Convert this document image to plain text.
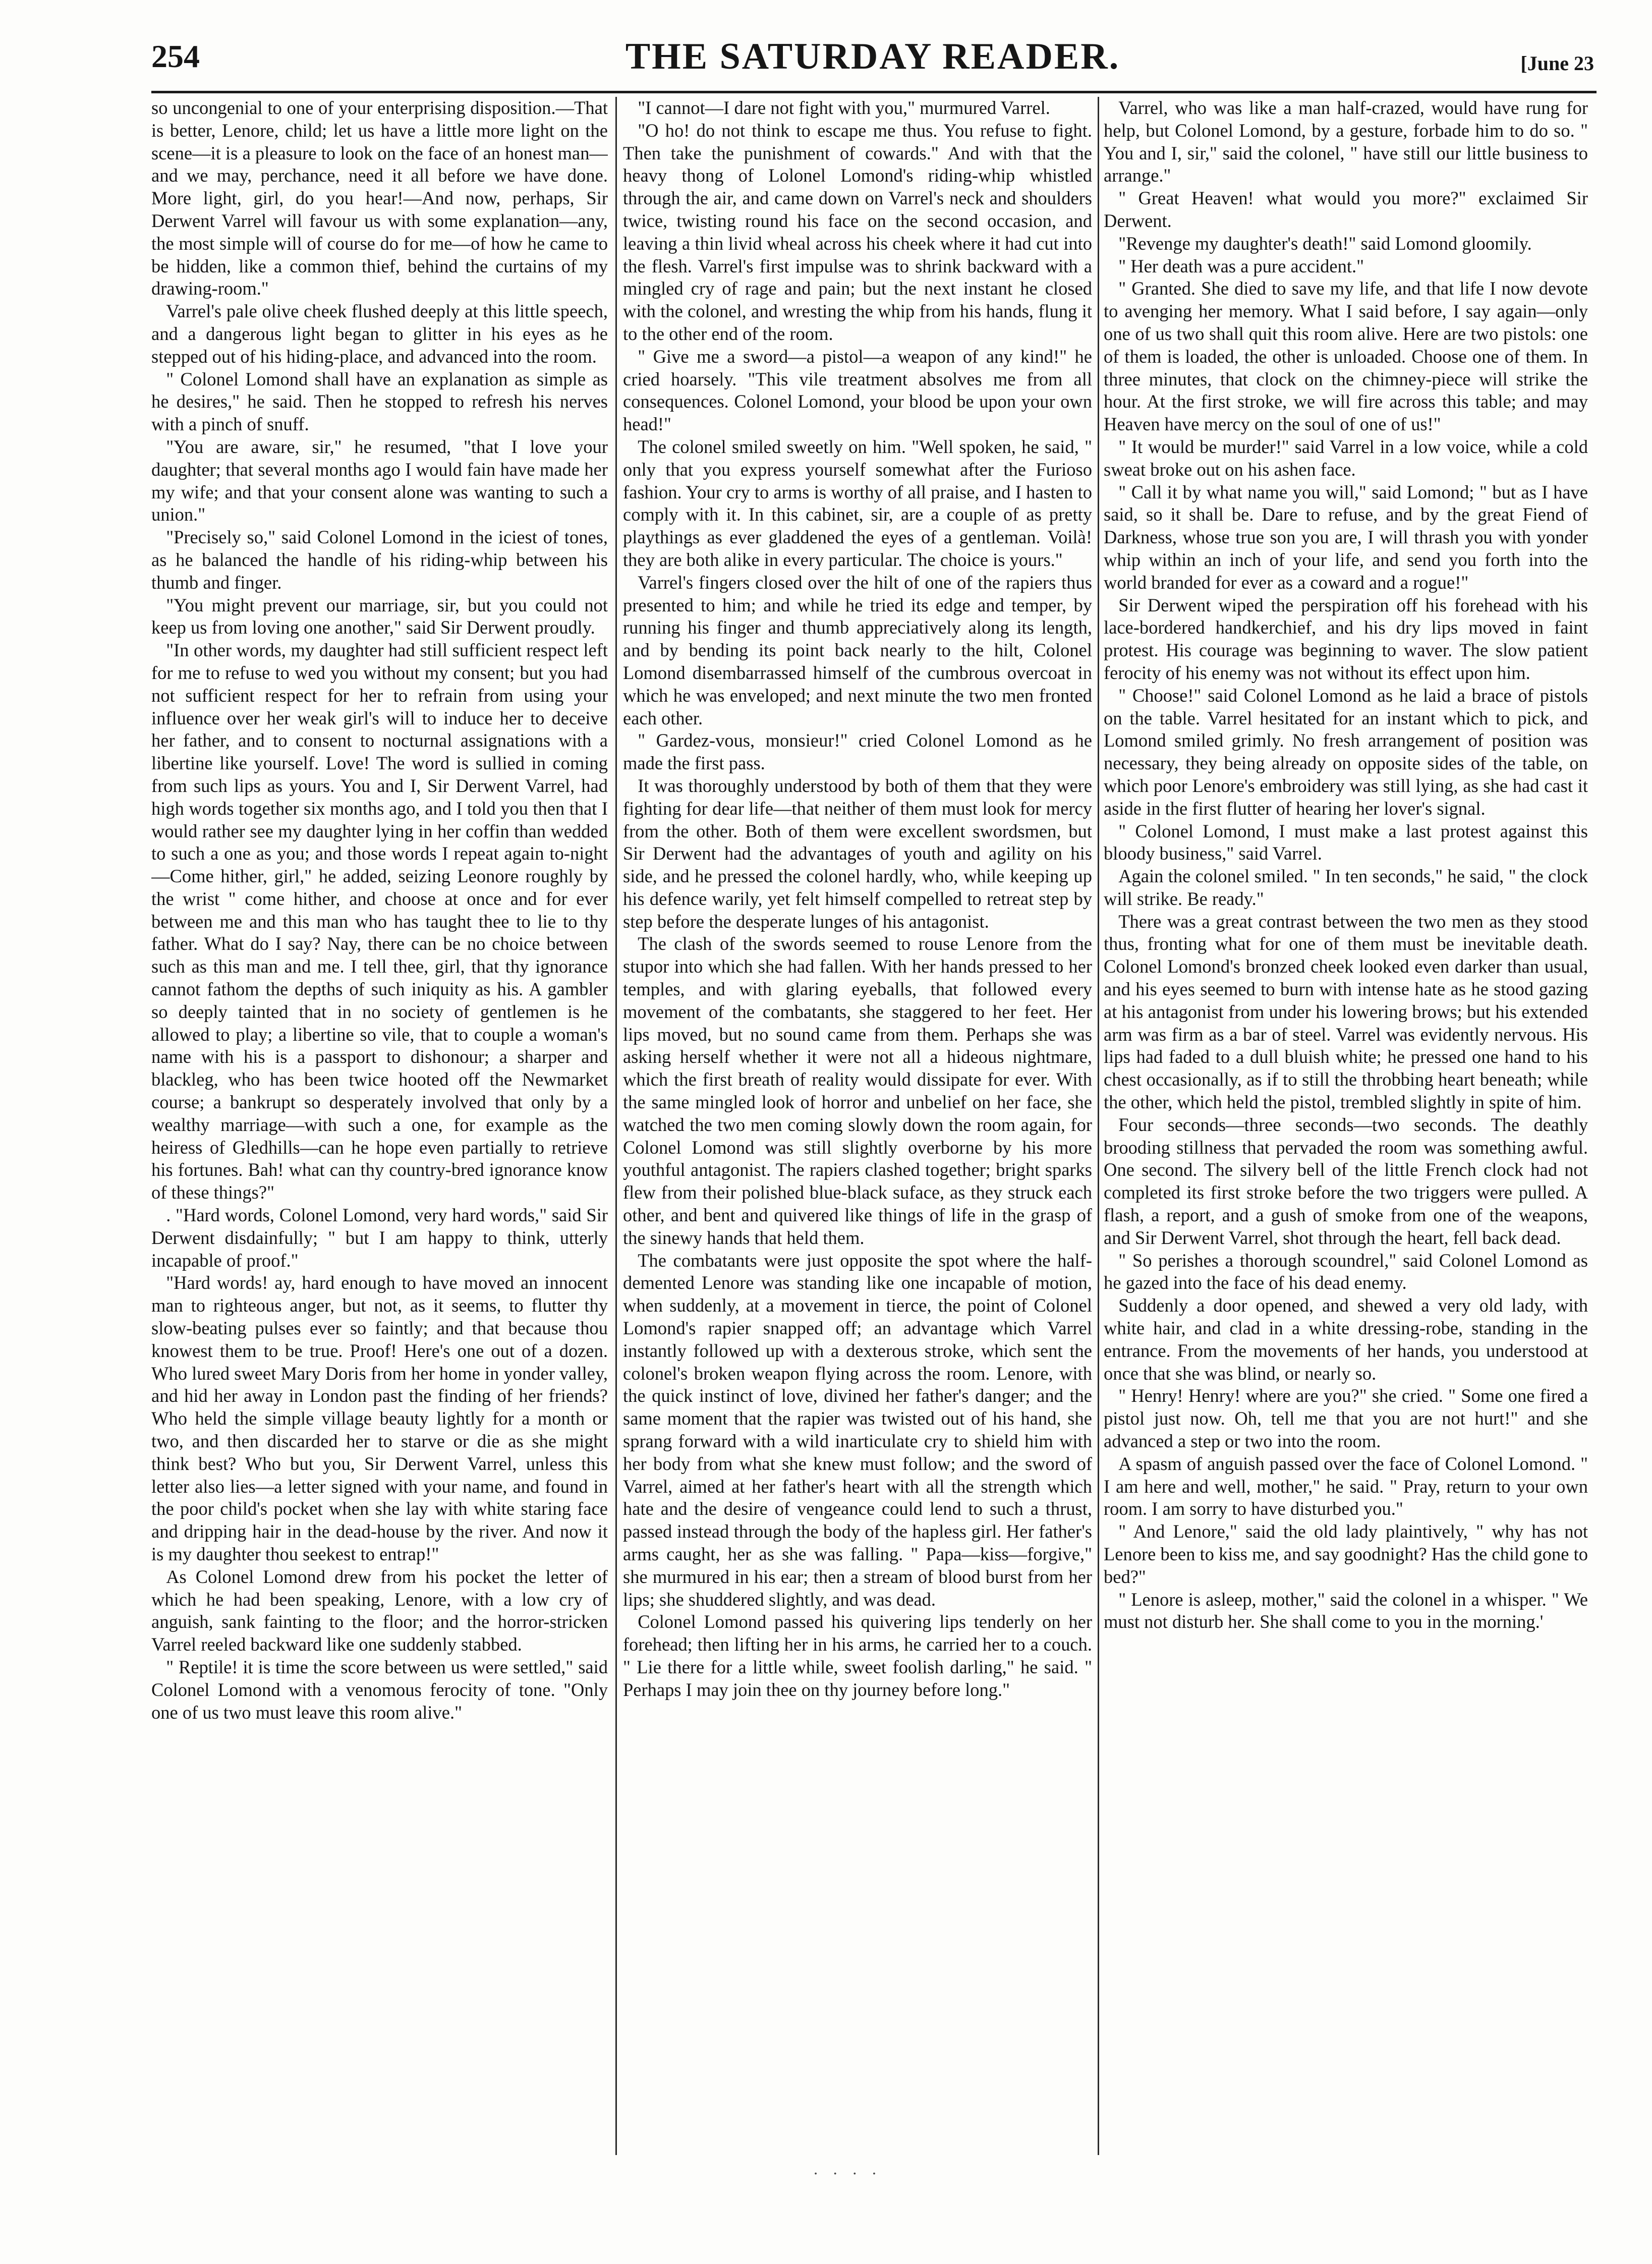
254	THE SATURDAY READER.	[June 23

so uncongenial to one of your enterprising disposition.—That is better, Lenore, child; let us have a little more light on the scene—it is a pleasure to look on the face of an honest man—and we may, perchance, need it all before we have done. More light, girl, do you hear!—And now, perhaps, Sir Derwent Varrel will favour us with some explanation—any, the most simple will of course do for me—of how he came to be hidden, like a common thief, behind the curtains of my drawing-room."

Varrel's pale olive cheek flushed deeply at this little speech, and a dangerous light began to glitter in his eyes as he stepped out of his hiding-place, and advanced into the room.

" Colonel Lomond shall have an explanation as simple as he desires," he said. Then he stopped to refresh his nerves with a pinch of snuff.

"You are aware, sir," he resumed, "that I love your daughter; that several months ago I would fain have made her my wife; and that your consent alone was wanting to such a union."

"Precisely so," said Colonel Lomond in the iciest of tones, as he balanced the handle of his riding-whip between his thumb and finger.

"You might prevent our marriage, sir, but you could not keep us from loving one another," said Sir Derwent proudly.

"In other words, my daughter had still sufficient respect left for me to refuse to wed you without my consent; but you had not sufficient respect for her to refrain from using your influence over her weak girl's will to induce her to deceive her father, and to consent to nocturnal assignations with a libertine like yourself. Love! The word is sullied in coming from such lips as yours. You and I, Sir Derwent Varrel, had high words together six months ago, and I told you then that I would rather see my daughter lying in her coffin than wedded to such a one as you; and those words I repeat again to-night—Come hither, girl," he added, seizing Leonore roughly by the wrist " come hither, and choose at once and for ever between me and this man who has taught thee to lie to thy father. What do I say? Nay, there can be no choice between such as this man and me. I tell thee, girl, that thy ignorance cannot fathom the depths of such iniquity as his. A gambler so deeply tainted that in no society of gentlemen is he allowed to play; a libertine so vile, that to couple a woman's name with his is a passport to dishonour; a sharper and blackleg, who has been twice hooted off the Newmarket course; a bankrupt so desperately involved that only by a wealthy marriage—with such a one, for example as the heiress of Gledhills—can he hope even partially to retrieve his fortunes. Bah! what can thy country-bred ignorance know of these things?"

. "Hard words, Colonel Lomond, very hard words," said Sir Derwent disdainfully; " but I am happy to think, utterly incapable of proof."

"Hard words! ay, hard enough to have moved an innocent man to righteous anger, but not, as it seems, to flutter thy slow-beating pulses ever so faintly; and that because thou knowest them to be true. Proof! Here's one out of a dozen. Who lured sweet Mary Doris from her home in yonder valley, and hid her away in London past the finding of her friends? Who held the simple village beauty lightly for a month or two, and then discarded her to starve or die as she might think best? Who but you, Sir Derwent Varrel, unless this letter also lies—a letter signed with your name, and found in the poor child's pocket when she lay with white staring face and dripping hair in the dead-house by the river. And now it is my daughter thou seekest to entrap!"

As Colonel Lomond drew from his pocket the letter of which he had been speaking, Lenore, with a low cry of anguish, sank fainting to the floor; and the horror-stricken Varrel reeled backward like one suddenly stabbed.

" Reptile! it is time the score between us were settled," said Colonel Lomond with a venomous ferocity of tone. "Only one of us two must leave this room alive."

"I cannot—I dare not fight with you," murmured Varrel.

"O ho! do not think to escape me thus. You refuse to fight. Then take the punishment of cowards." And with that the heavy thong of Lolonel Lomond's riding-whip whistled through the air, and came down on Varrel's neck and shoulders twice, twisting round his face on the second occasion, and leaving a thin livid wheal across his cheek where it had cut into the flesh. Varrel's first impulse was to shrink backward with a mingled cry of rage and pain; but the next instant he closed with the colonel, and wresting the whip from his hands, flung it to the other end of the room.

" Give me a sword—a pistol—a weapon of any kind!" he cried hoarsely. "This vile treatment absolves me from all consequences. Colonel Lomond, your blood be upon your own head!"

The colonel smiled sweetly on him. "Well spoken, he said, " only that you express yourself somewhat after the Furioso fashion. Your cry to arms is worthy of all praise, and I hasten to comply with it. In this cabinet, sir, are a couple of as pretty playthings as ever gladdened the eyes of a gentleman. Voilà! they are both alike in every particular. The choice is yours."

Varrel's fingers closed over the hilt of one of the rapiers thus presented to him; and while he tried its edge and temper, by running his finger and thumb appreciatively along its length, and by bending its point back nearly to the hilt, Colonel Lomond disembarrassed himself of the cumbrous overcoat in which he was enveloped; and next minute the two men fronted each other.

" Gardez-vous, monsieur!" cried Colonel Lomond as he made the first pass.

It was thoroughly understood by both of them that they were fighting for dear life—that neither of them must look for mercy from the other. Both of them were excellent swordsmen, but Sir Derwent had the advantages of youth and agility on his side, and he pressed the colonel hardly, who, while keeping up his defence warily, yet felt himself compelled to retreat step by step before the desperate lunges of his antagonist.

The clash of the swords seemed to rouse Lenore from the stupor into which she had fallen. With her hands pressed to her temples, and with glaring eyeballs, that followed every movement of the combatants, she staggered to her feet. Her lips moved, but no sound came from them. Perhaps she was asking herself whether it were not all a hideous nightmare, which the first breath of reality would dissipate for ever. With the same mingled look of horror and unbelief on her face, she watched the two men coming slowly down the room again, for Colonel Lomond was still slightly overborne by his more youthful antagonist. The rapiers clashed together; bright sparks flew from their polished blue-black suface, as they struck each other, and bent and quivered like things of life in the grasp of the sinewy hands that held them.

The combatants were just opposite the spot where the half-demented Lenore was standing like one incapable of motion, when suddenly, at a movement in tierce, the point of Colonel Lomond's rapier snapped off; an advantage which Varrel instantly followed up with a dexterous stroke, which sent the colonel's broken weapon flying across the room. Lenore, with the quick instinct of love, divined her father's danger; and the same moment that the rapier was twisted out of his hand, she sprang forward with a wild inarticulate cry to shield him with her body from what she knew must follow; and the sword of Varrel, aimed at her father's heart with all the strength which hate and the desire of vengeance could lend to such a thrust, passed instead through the body of the hapless girl. Her father's arms caught, her as she was falling. " Papa—kiss—forgive," she murmured in his ear; then a stream of blood burst from her lips; she shuddered slightly, and was dead.

Colonel Lomond passed his quivering lips tenderly on her forehead; then lifting her in his arms, he carried her to a couch. " Lie there for a little while, sweet foolish darling," he said. " Perhaps I may join thee on thy journey before long."

Varrel, who was like a man half-crazed, would have rung for help, but Colonel Lomond, by a gesture, forbade him to do so. " You and I, sir," said the colonel, " have still our little business to arrange."

" Great Heaven! what would you more?" exclaimed Sir Derwent.

"Revenge my daughter's death!" said Lomond gloomily.

" Her death was a pure accident."

" Granted. She died to save my life, and that life I now devote to avenging her memory. What I said before, I say again—only one of us two shall quit this room alive. Here are two pistols: one of them is loaded, the other is unloaded. Choose one of them. In three minutes, that clock on the chimney-piece will strike the hour. At the first stroke, we will fire across this table; and may Heaven have mercy on the soul of one of us!"

" It would be murder!" said Varrel in a low voice, while a cold sweat broke out on his ashen face.

" Call it by what name you will," said Lomond; " but as I have said, so it shall be. Dare to refuse, and by the great Fiend of Darkness, whose true son you are, I will thrash you with yonder whip within an inch of your life, and send you forth into the world branded for ever as a coward and a rogue!"

Sir Derwent wiped the perspiration off his forehead with his lace-bordered handkerchief, and his dry lips moved in faint protest. His courage was beginning to waver. The slow patient ferocity of his enemy was not without its effect upon him.

" Choose!" said Colonel Lomond as he laid a brace of pistols on the table. Varrel hesitated for an instant which to pick, and Lomond smiled grimly. No fresh arrangement of position was necessary, they being already on opposite sides of the table, on which poor Lenore's embroidery was still lying, as she had cast it aside in the first flutter of hearing her lover's signal.

" Colonel Lomond, I must make a last protest against this bloody business," said Varrel.

Again the colonel smiled. " In ten seconds," he said, " the clock will strike. Be ready."

There was a great contrast between the two men as they stood thus, fronting what for one of them must be inevitable death. Colonel Lomond's bronzed cheek looked even darker than usual, and his eyes seemed to burn with intense hate as he stood gazing at his antagonist from under his lowering brows; but his extended arm was firm as a bar of steel. Varrel was evidently nervous. His lips had faded to a dull bluish white; he pressed one hand to his chest occasionally, as if to still the throbbing heart beneath; while the other, which held the pistol, trembled slightly in spite of him.

Four seconds—three seconds—two seconds. The deathly brooding stillness that pervaded the room was something awful. One second. The silvery bell of the little French clock had not completed its first stroke before the two triggers were pulled. A flash, a report, and a gush of smoke from one of the weapons, and Sir Derwent Varrel, shot through the heart, fell back dead.

" So perishes a thorough scoundrel," said Colonel Lomond as he gazed into the face of his dead enemy.

Suddenly a door opened, and shewed a very old lady, with white hair, and clad in a white dressing-robe, standing in the entrance. From the movements of her hands, you understood at once that she was blind, or nearly so.

" Henry! Henry! where are you?" she cried. " Some one fired a pistol just now. Oh, tell me that you are not hurt!" and she advanced a step or two into the room.

A spasm of anguish passed over the face of Colonel Lomond. " I am here and well, mother," he said. " Pray, return to your own room. I am sorry to have disturbed you."

" And Lenore," said the old lady plaintively, " why has not Lenore been to kiss me, and say goodnight? Has the child gone to bed?"

" Lenore is asleep, mother," said the colonel in a whisper. " We must not disturb her. She shall come to you in the morning.'

· · · ·
